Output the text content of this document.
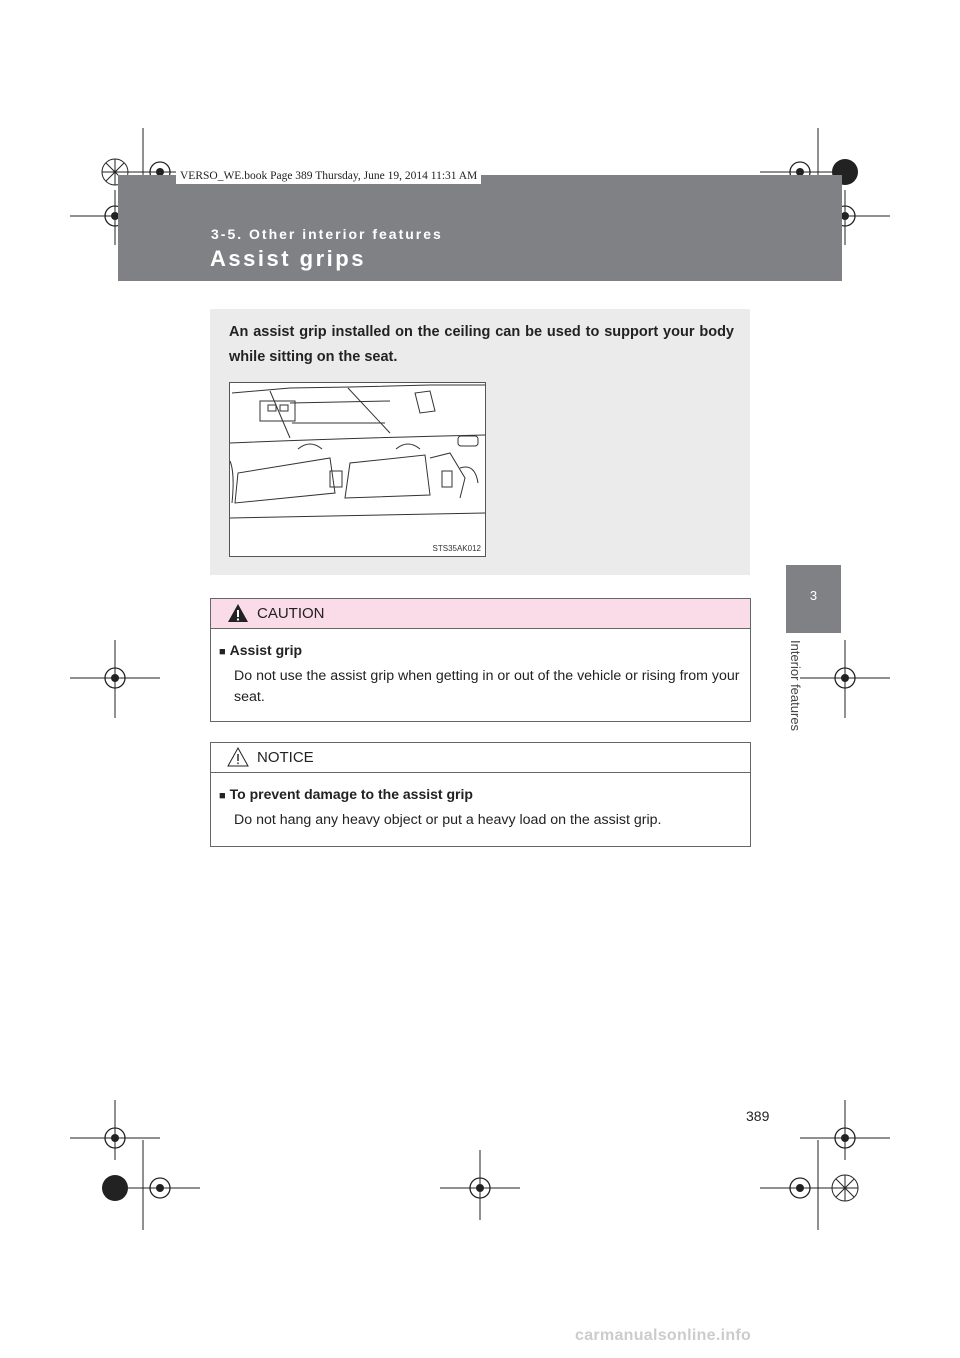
VERSO_WE.book Page 389 Thursday, June 19, 2014 11:31 AM
3-5. Other interior features
Assist grips
An assist grip installed on the ceiling can be used to support your body while sitting on the seat.
STS35AK012
CAUTION
■ Assist grip
Do not use the assist grip when getting in or out of the vehicle or rising from your seat.
NOTICE
■ To prevent damage to the assist grip
Do not hang any heavy object or put a heavy load on the assist grip.
3
Interior features
389
carmanualsonline.info
